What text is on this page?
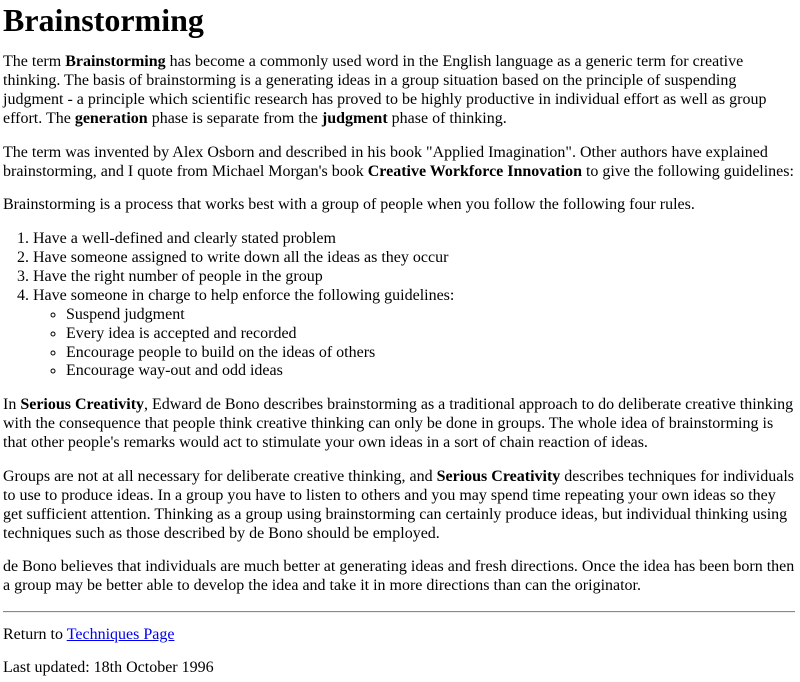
Brainstorming

The term Brainstorming has become a commonly used word in the English language as a generic term for creative thinking. The basis of brainstorming is a generating ideas in a group situation based on the principle of suspending judgment - a principle which scientific research has proved to be highly productive in individual effort as well as group effort. The generation phase is separate from the judgment phase of thinking.

The term was invented by Alex Osborn and described in his book "Applied Imagination". Other authors have explained brainstorming, and I quote from Michael Morgan's book Creative Workforce Innovation to give the following guidelines:

Brainstorming is a process that works best with a group of people when you follow the following four rules.

1. Have a well-defined and clearly stated problem
2. Have someone assigned to write down all the ideas as they occur
3. Have the right number of people in the group
4. Have someone in charge to help enforce the following guidelines:
◦ Suspend judgment
◦ Every idea is accepted and recorded
◦ Encourage people to build on the ideas of others
◦ Encourage way-out and odd ideas

In Serious Creativity, Edward de Bono describes brainstorming as a traditional approach to do deliberate creative thinking with the consequence that people think creative thinking can only be done in groups. The whole idea of brainstorming is that other people's remarks would act to stimulate your own ideas in a sort of chain reaction of ideas.

Groups are not at all necessary for deliberate creative thinking, and Serious Creativity describes techniques for individuals to use to produce ideas. In a group you have to listen to others and you may spend time repeating your own ideas so they get sufficient attention. Thinking as a group using brainstorming can certainly produce ideas, but individual thinking using techniques such as those described by de Bono should be employed.

de Bono believes that individuals are much better at generating ideas and fresh directions. Once the idea has been born then a group may be better able to develop the idea and take it in more directions than can the originator.

Return to Techniques Page

Last updated: 18th October 1996
